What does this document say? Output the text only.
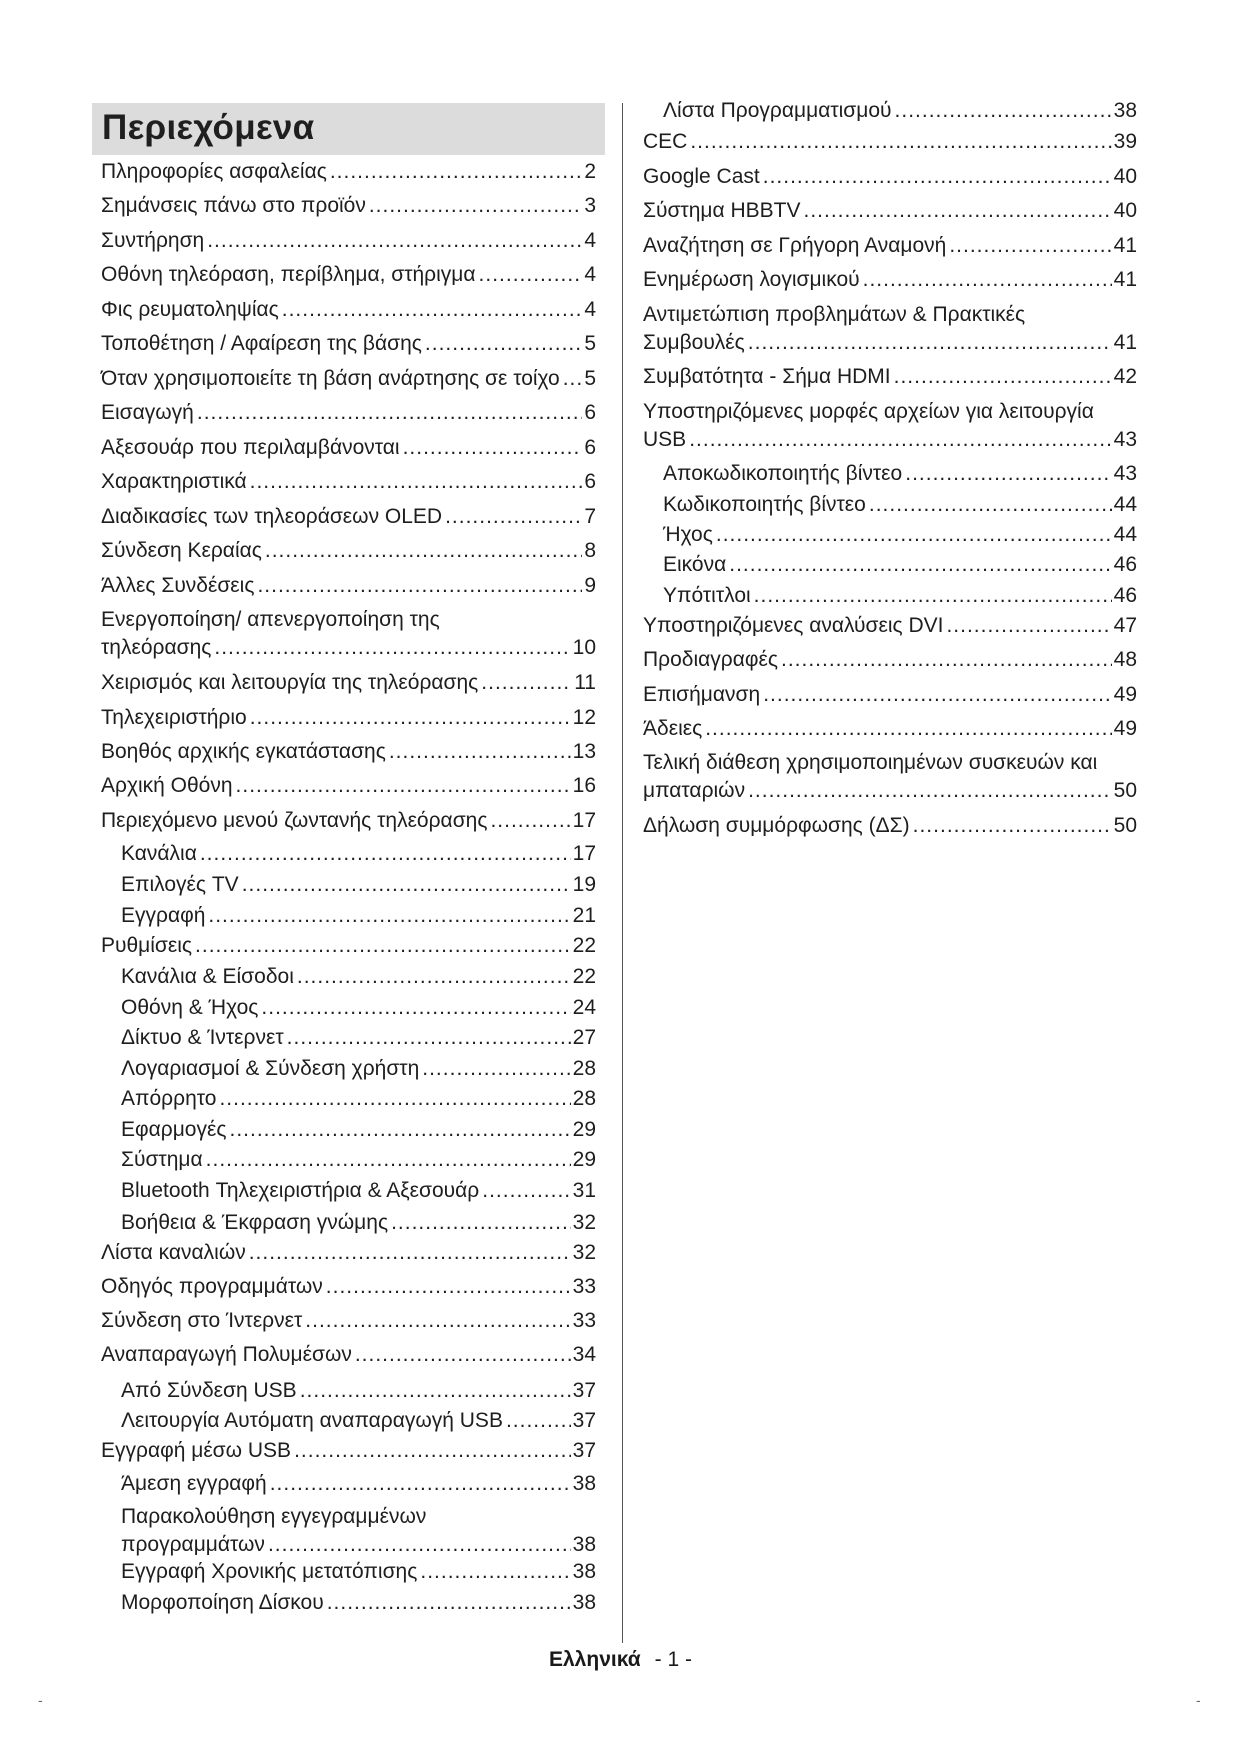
Περιεχόμενα
Πληροφορίες ασφαλείας .....	2
Σημάνσεις πάνω στο προϊόν .....	3
Συντήρηση .....	4
Οθόνη τηλεόραση, περίβλημα, στήριγμα .....	4
Φις ρευματοληψίας .....	4
Τοποθέτηση / Αφαίρεση της βάσης .....	5
Όταν χρησιμοποιείτε τη βάση ανάρτησης σε τοίχο ..... 5
Εισαγωγή .....	6
Αξεσουάρ που περιλαμβάνονται .....	6
Χαρακτηριστικά .....	6
Διαδικασίες των τηλεοράσεων OLED .....	7
Σύνδεση Κεραίας .....	8
Άλλες Συνδέσεις .....	9
Ενεργοποίηση/ απενεργοποίηση της
τηλεόρασης .....	10
Χειρισμός και λειτουργία της τηλεόρασης .....	11
Τηλεχειριστήριο .....	12
Βοηθός αρχικής εγκατάστασης .....	13
Αρχική Οθόνη .....	16
Περιεχόμενο μενού ζωντανής τηλεόρασης .....	17
Κανάλια .....	17
Επιλογές TV .....	19
Εγγραφή .....	21
Ρυθμίσεις .....	22
Κανάλια & Είσοδοι .....	22
Οθόνη & Ήχος .....	24
Δίκτυο & Ίντερνετ .....	27
Λογαριασμοί & Σύνδεση χρήστη .....	28
Απόρρητο .....	28
Εφαρμογές .....	29
Σύστημα .....	29
Bluetooth Τηλεχειριστήρια & Αξεσουάρ .....	31
Βοήθεια & Έκφραση γνώμης .....	32
Λίστα καναλιών .....	32
Οδηγός προγραμμάτων .....	33
Σύνδεση στο Ίντερνετ .....	33
Αναπαραγωγή Πολυμέσων .....	34
Από Σύνδεση USB .....	37
Λειτουργία Αυτόματη αναπαραγωγή USB .....	37
Εγγραφή μέσω USB .....	37
Άμεση εγγραφή .....	38
Παρακολούθηση εγγεγραμμένων
προγραμμάτων .....	38
Εγγραφή Χρονικής μετατόπισης .....	38
Μορφοποίηση Δίσκου .....	38
Λίστα Προγραμματισμού .....	38
CEC .....	39
Google Cast .....	40
Σύστημα HBBTV .....	40
Αναζήτηση σε Γρήγορη Αναμονή .....	41
Ενημέρωση λογισμικού .....	41
Αντιμετώπιση προβλημάτων & Πρακτικές
Συμβουλές .....	41
Συμβατότητα - Σήμα HDMI .....	42
Υποστηριζόμενες μορφές αρχείων για λειτουργία
USB .....	43
Αποκωδικοποιητής βίντεο .....	43
Κωδικοποιητής βίντεο .....	44
Ήχος .....	44
Εικόνα .....	46
Υπότιτλοι .....	46
Υποστηριζόμενες αναλύσεις DVI .....	47
Προδιαγραφές .....	48
Επισήμανση .....	49
Άδειες .....	49
Τελική διάθεση χρησιμοποιημένων συσκευών και
μπαταριών .....	50
Δήλωση συμμόρφωσης (ΔΣ) .....	50
Ελληνικά - 1 -
-	-
